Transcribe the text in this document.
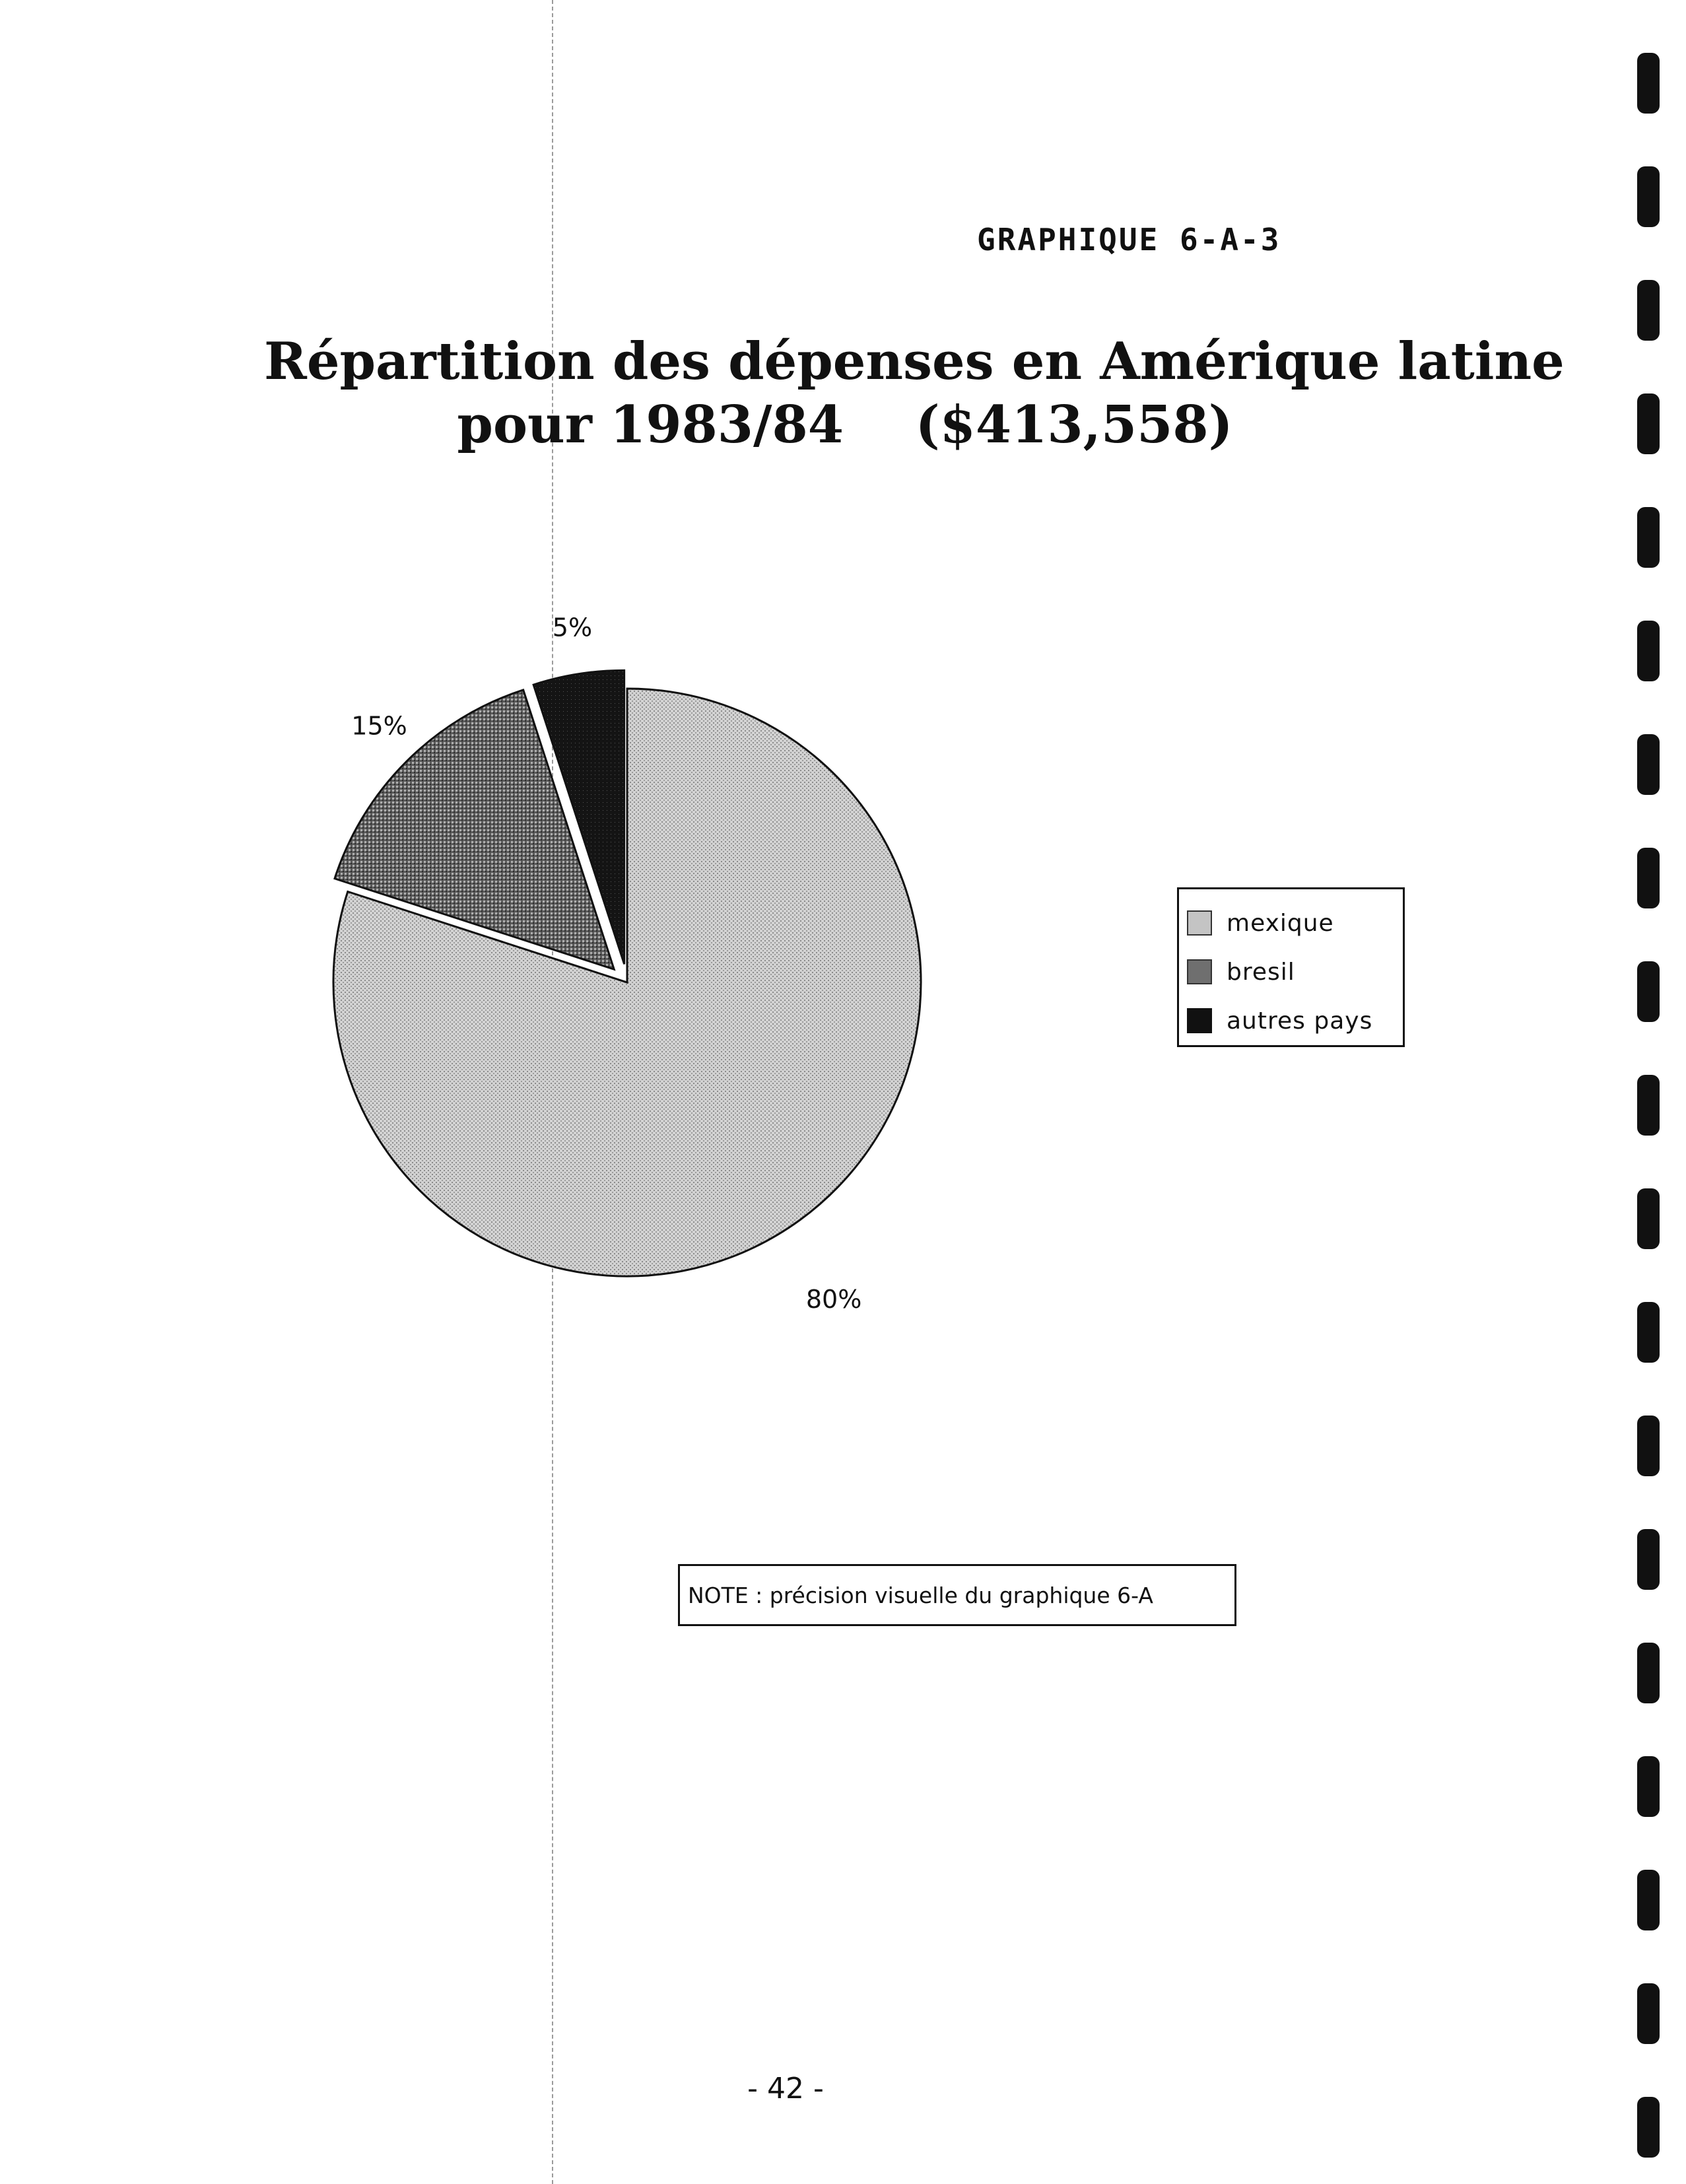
GRAPHIQUE 6-A-3
Répartition des dépenses en Amérique latine
pour 1983/84    ($413,558)
80%
15%
5%
mexique
bresil
autres pays
NOTE : précision visuelle du graphique 6-A
- 42 -
